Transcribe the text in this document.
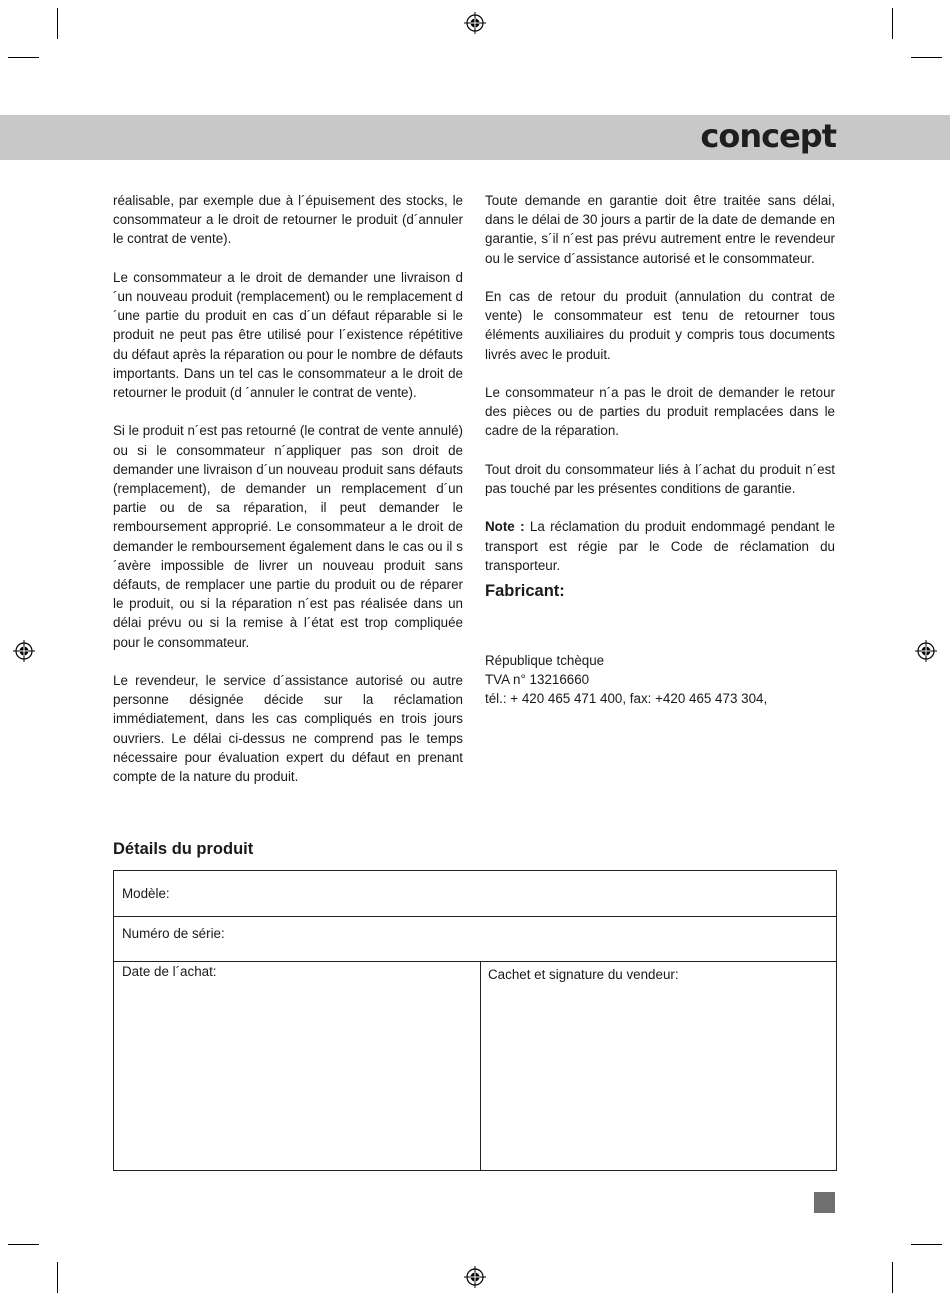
concept

réalisable, par exemple due à l´épuisement des stocks, le consommateur a le droit de retourner le produit (d´annuler le contrat de vente).

Le consommateur a le droit de demander une livraison d´un nouveau produit (remplacement) ou le remplacement d´une partie du produit en cas d´un défaut réparable si le produit ne peut pas être utilisé pour l´existence répétitive du défaut après la réparation ou pour le nombre de défauts importants. Dans un tel cas le consommateur a le droit de retourner le produit (d ´annuler le contrat de vente).

Si le produit n´est pas retourné (le contrat de vente annulé) ou si le consommateur n´appliquer pas son droit de demander une livraison d´un nouveau produit sans défauts (remplacement), de demander un remplacement d´un partie ou de sa réparation, il peut demander le remboursement approprié. Le consommateur a le droit de demander le remboursement également dans le cas ou il s´avère impossible de livrer un nouveau produit sans défauts, de remplacer une partie du produit ou de réparer le produit, ou si la réparation n´est pas réalisée dans un délai prévu ou si la remise à l´état est trop compliquée pour le consommateur.

Le revendeur, le service d´assistance autorisé ou autre personne désignée décide sur la réclamation immédiatement, dans les cas compliqués en trois jours ouvriers. Le délai ci-dessus ne comprend pas le temps nécessaire pour évaluation expert du défaut en prenant compte de la nature du produit.

Toute demande en garantie doit être traitée sans délai, dans le délai de 30 jours a partir de la date de demande en garantie, s´il n´est pas prévu autrement entre le revendeur ou le service d´assistance autorisé et le consommateur.

En cas de retour du produit (annulation du contrat de vente) le consommateur est tenu de retourner tous éléments auxiliaires du produit y compris tous documents livrés avec le produit.

Le consommateur n´a pas le droit de demander le retour des pièces ou de parties du produit remplacées dans le cadre de la réparation.

Tout droit du consommateur liés à l´achat du produit n´est pas touché par les présentes conditions de garantie.

Note : La réclamation du produit endommagé pendant le transport est régie par le Code de réclamation du transporteur.

Fabricant:
République tchèque
TVA n° 13216660
tél.: + 420 465 471 400, fax: +420 465 473 304,
Détails du produit
Modèle:
Numéro de série:
Date de l´achat:	Cachet et signature du vendeur:
